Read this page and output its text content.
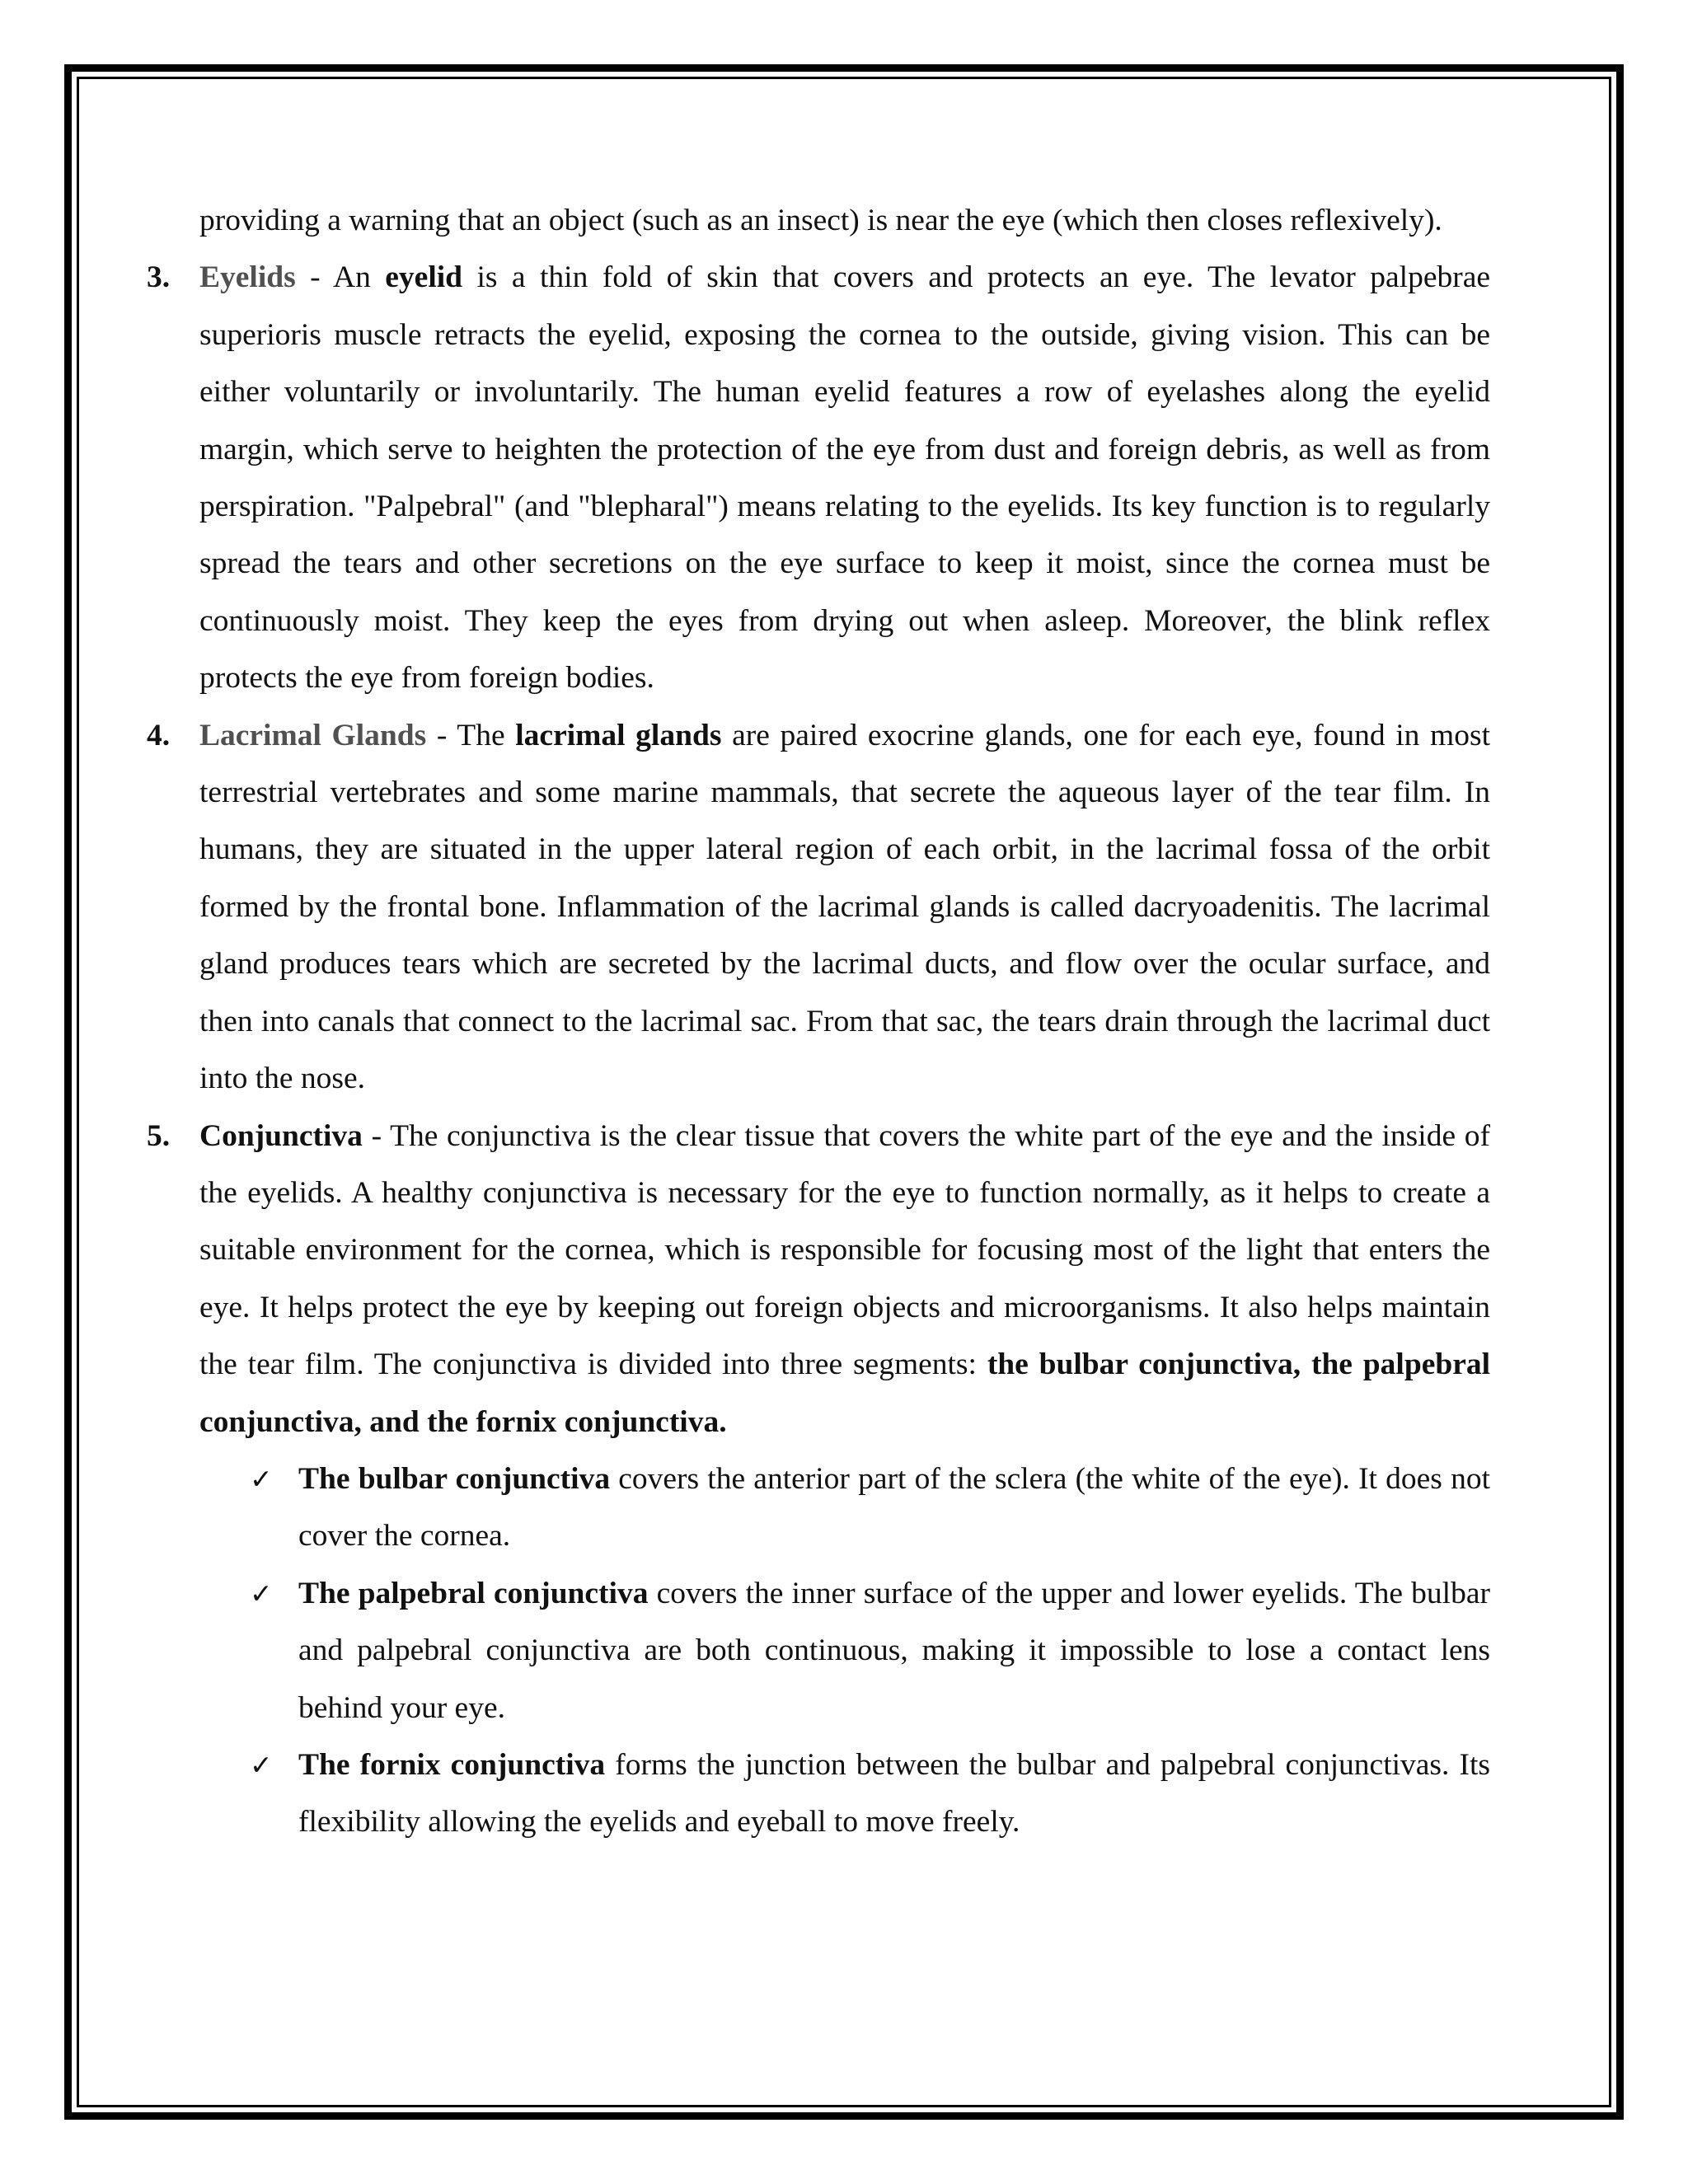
providing a warning that an object (such as an insect) is near the eye (which then closes reflexively).

3. Eyelids - An eyelid is a thin fold of skin that covers and protects an eye. The levator palpebrae superioris muscle retracts the eyelid, exposing the cornea to the outside, giving vision. This can be either voluntarily or involuntarily. The human eyelid features a row of eyelashes along the eyelid margin, which serve to heighten the protection of the eye from dust and foreign debris, as well as from perspiration. "Palpebral" (and "blepharal") means relating to the eyelids. Its key function is to regularly spread the tears and other secretions on the eye surface to keep it moist, since the cornea must be continuously moist. They keep the eyes from drying out when asleep. Moreover, the blink reflex protects the eye from foreign bodies.

4. Lacrimal Glands - The lacrimal glands are paired exocrine glands, one for each eye, found in most terrestrial vertebrates and some marine mammals, that secrete the aqueous layer of the tear film. In humans, they are situated in the upper lateral region of each orbit, in the lacrimal fossa of the orbit formed by the frontal bone. Inflammation of the lacrimal glands is called dacryoadenitis. The lacrimal gland produces tears which are secreted by the lacrimal ducts, and flow over the ocular surface, and then into canals that connect to the lacrimal sac. From that sac, the tears drain through the lacrimal duct into the nose.

5. Conjunctiva - The conjunctiva is the clear tissue that covers the white part of the eye and the inside of the eyelids. A healthy conjunctiva is necessary for the eye to function normally, as it helps to create a suitable environment for the cornea, which is responsible for focusing most of the light that enters the eye. It helps protect the eye by keeping out foreign objects and microorganisms. It also helps maintain the tear film. The conjunctiva is divided into three segments: the bulbar conjunctiva, the palpebral conjunctiva, and the fornix conjunctiva.

✓ The bulbar conjunctiva covers the anterior part of the sclera (the white of the eye). It does not cover the cornea.

✓ The palpebral conjunctiva covers the inner surface of the upper and lower eyelids. The bulbar and palpebral conjunctiva are both continuous, making it impossible to lose a contact lens behind your eye.

✓ The fornix conjunctiva forms the junction between the bulbar and palpebral conjunctivas. Its flexibility allowing the eyelids and eyeball to move freely.
